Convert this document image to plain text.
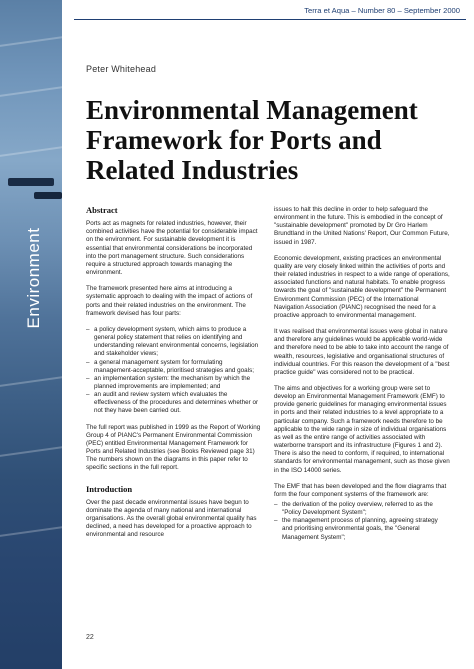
Terra et Aqua – Number 80 – September 2000
Environment
Peter Whitehead
Environmental Management Framework for Ports and Related Industries
Abstract

Ports act as magnets for related industries, however, their combined activities have the potential for considerable impact on the environment. For sustainable development it is essential that environmental considerations be incorporated into the port management structure. Such considerations require a structured approach towards managing the environment.

The framework presented here aims at introducing a systematic approach to dealing with the impact of actions of ports and their related industries on the environment. The framework devised has four parts:

– a policy development system, which aims to produce a general policy statement that relies on identifying and understanding relevant environmental concerns, legislation and stakeholder views;
– a general management system for formulating management-acceptable, prioritised strategies and goals;
– an implementation system: the mechanism by which the planned improvements are implemented; and
– an audit and review system which evaluates the effectiveness of the procedures and determines whether or not they have been carried out.

The full report was published in 1999 as the Report of Working Group 4 of PIANC's Permanent Environmental Commission (PEC) entitled Environmental Management Framework for Ports and Related Industries (see Books Reviewed page 31) The numbers shown on the diagrams in this paper refer to specific sections in the full report.

Introduction

Over the past decade environmental issues have begun to dominate the agenda of many national and international organisations. As the overall global environmental quality has declined, a need has developed for a proactive approach to environmental and resource

issues to halt this decline in order to help safeguard the environment in the future. This is embodied in the concept of "sustainable development" promoted by Dr Gro Harlem Brundtland in the United Nations' Report, Our Common Future, issued in 1987.

Economic development, existing practices an environmental quality are very closely linked within the activities of ports and their related industries in respect to a wide range of operations, associated functions and natural habitats. To enable progress towards the goal of "sustainable development" the Permanent Environment Commission (PEC) of the International Navigation Association (PIANC) recognised the need for a proactive approach to environmental management.

It was realised that environmental issues were global in nature and therefore any guidelines would be applicable world-wide and therefore need to be able to take into account the range of wealth, resources, legislative and organisational structures of individual countries. For this reason the development of a "best practice guide" was considered not to be practical.

The aims and objectives for a working group were set to develop an Environmental Management Framework (EMF) to provide generic guidelines for managing environmental issues in ports and their related industries to a level appropriate to a particular company. Such a framework needs therefore to be applicable to the wide range in size of individual organisations as well as the entire range of activities associated with waterborne transport and its infrastructure (Figures 1 and 2). There is also the need to conform, if required, to international standards for environmental management, such as those given in the ISO 14000 series.

The EMF that has been developed and the flow diagrams that form the four component systems of the framework are:

– the derivation of the policy overview, referred to as the "Policy Development System";
– the management process of planning, agreeing strategy and prioritising environmental goals, the "General Management System";
22
